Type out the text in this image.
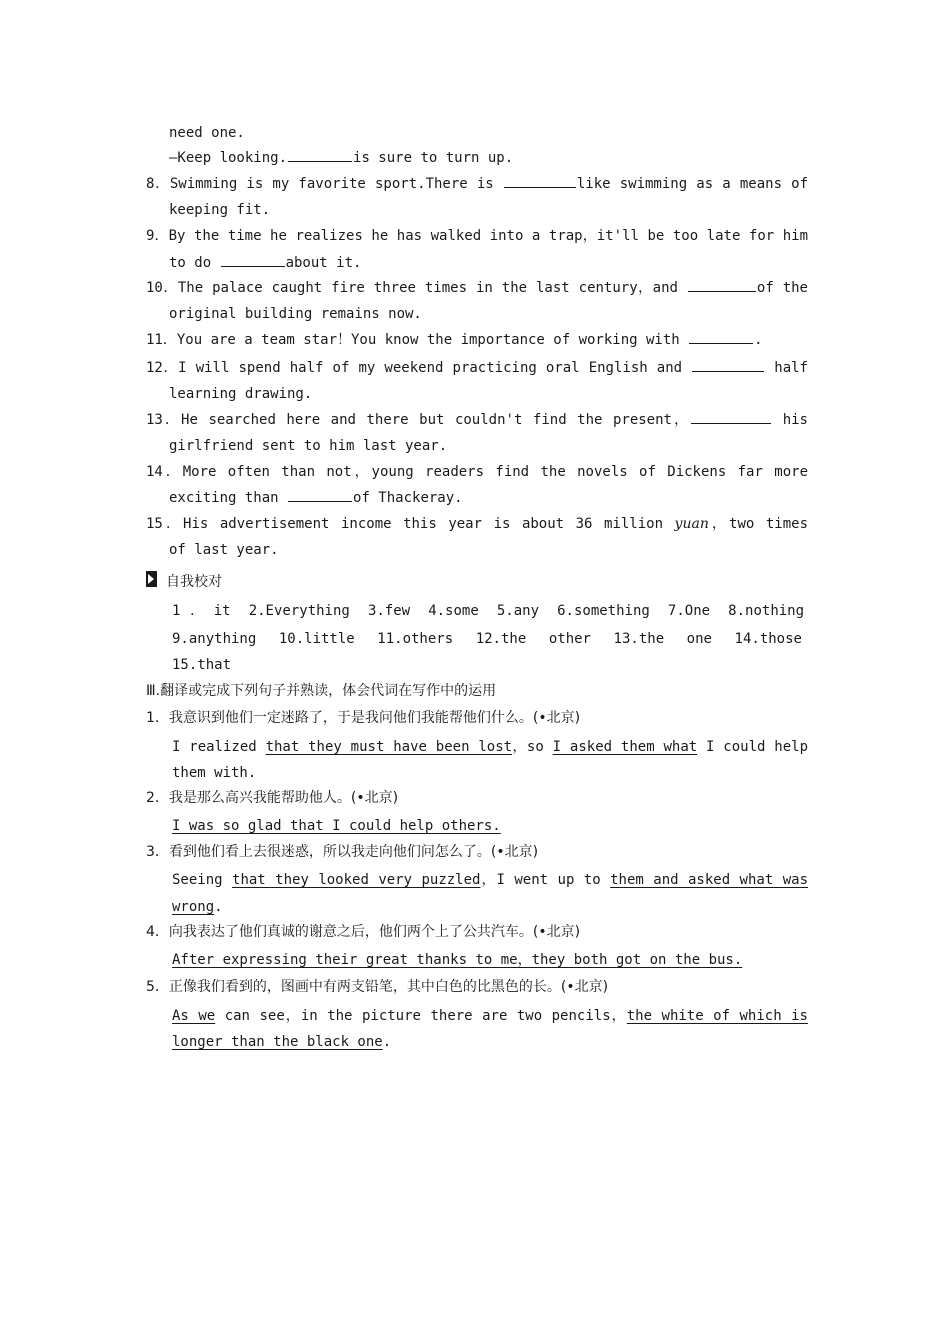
need one.
—Keep looking.	is sure to turn up.
8．Swimming is my favorite sport.There is	like swimming as a means of
keeping fit.
9．By the time he realizes he has walked into a trap，it'll be too late for him
to do	about it.
10．The palace caught fire three times in the last century，and	of the
original building remains now.
11．You are a team star！You know the importance of working with	.
12．I will spend half of my weekend practicing oral English and	half
learning drawing.
13．He searched here and there but couldn't find the present，	his
girlfriend sent to him last year.
14．More often than not，young readers find the novels of Dickens far more
exciting than	of Thackeray.
15．His advertisement income this year is about 36 million yuan，two times
of last year.
自我校对
1．it 2.Everything 3.few 4.some 5.any 6.something 7.One 8.nothing
9.anything 10.little 11.others 12.the other 13.the one 14.those
15.that
Ⅲ.翻译或完成下列句子并熟读，体会代词在写作中的运用
1．我意识到他们一定迷路了，于是我问他们我能帮他们什么。(•北京)
I realized that they must have been lost，so I asked them what I could help
them with.
2．我是那么高兴我能帮助他人。(•北京)
I was so glad that I could help others.
3．看到他们看上去很迷惑，所以我走向他们问怎么了。(•北京)
Seeing that they looked very puzzled，I went up to them and asked what was
wrong.
4．向我表达了他们真诚的谢意之后，他们两个上了公共汽车。(•北京)
After expressing their great thanks to me，they both got on the bus.
5．正像我们看到的，图画中有两支铅笔，其中白色的比黑色的长。(•北京)
As we can see，in the picture there are two pencils，the white of which is
longer than the black one.
